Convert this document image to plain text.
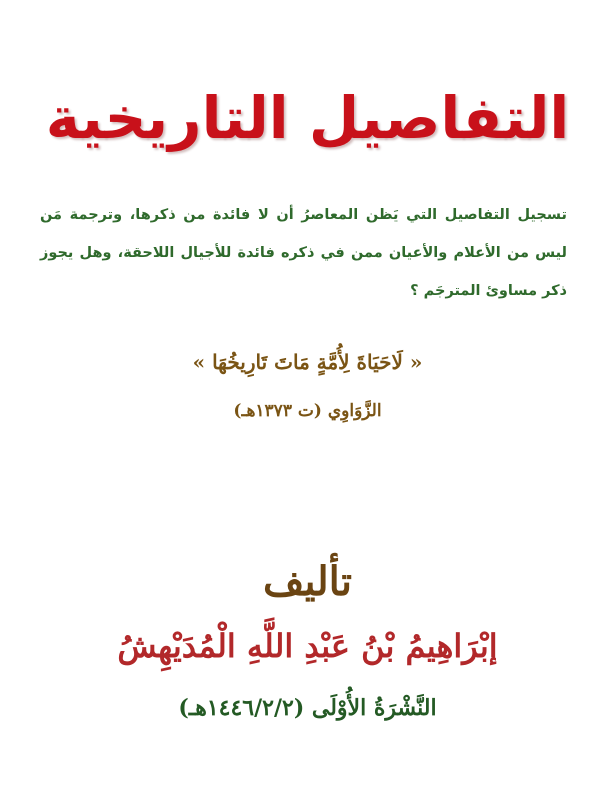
التفاصيل التاريخية
تسجيل التفاصيل التي يَظن المعاصرُ أن لا فائدة من ذكرها، وترجمة مَن ليس من الأعلام والأعيان ممن في ذكره فائدة للأجيال اللاحقة، وهل يجوز ذكر مساوئ المترجَم ؟
« لَاحَيَاةَ لِأُمَّةٍ مَاتَ تَارِيخُهَا »
الزَّوَاوِي (ت ١٣٧٣هـ)
تأليف
إبْرَاهِيمُ بْنُ عَبْدِ اللَّهِ الْمُدَيْهِشُ
النَّشْرَةُ الأُوْلَى (١٤٤٦/٢/٢هـ)
